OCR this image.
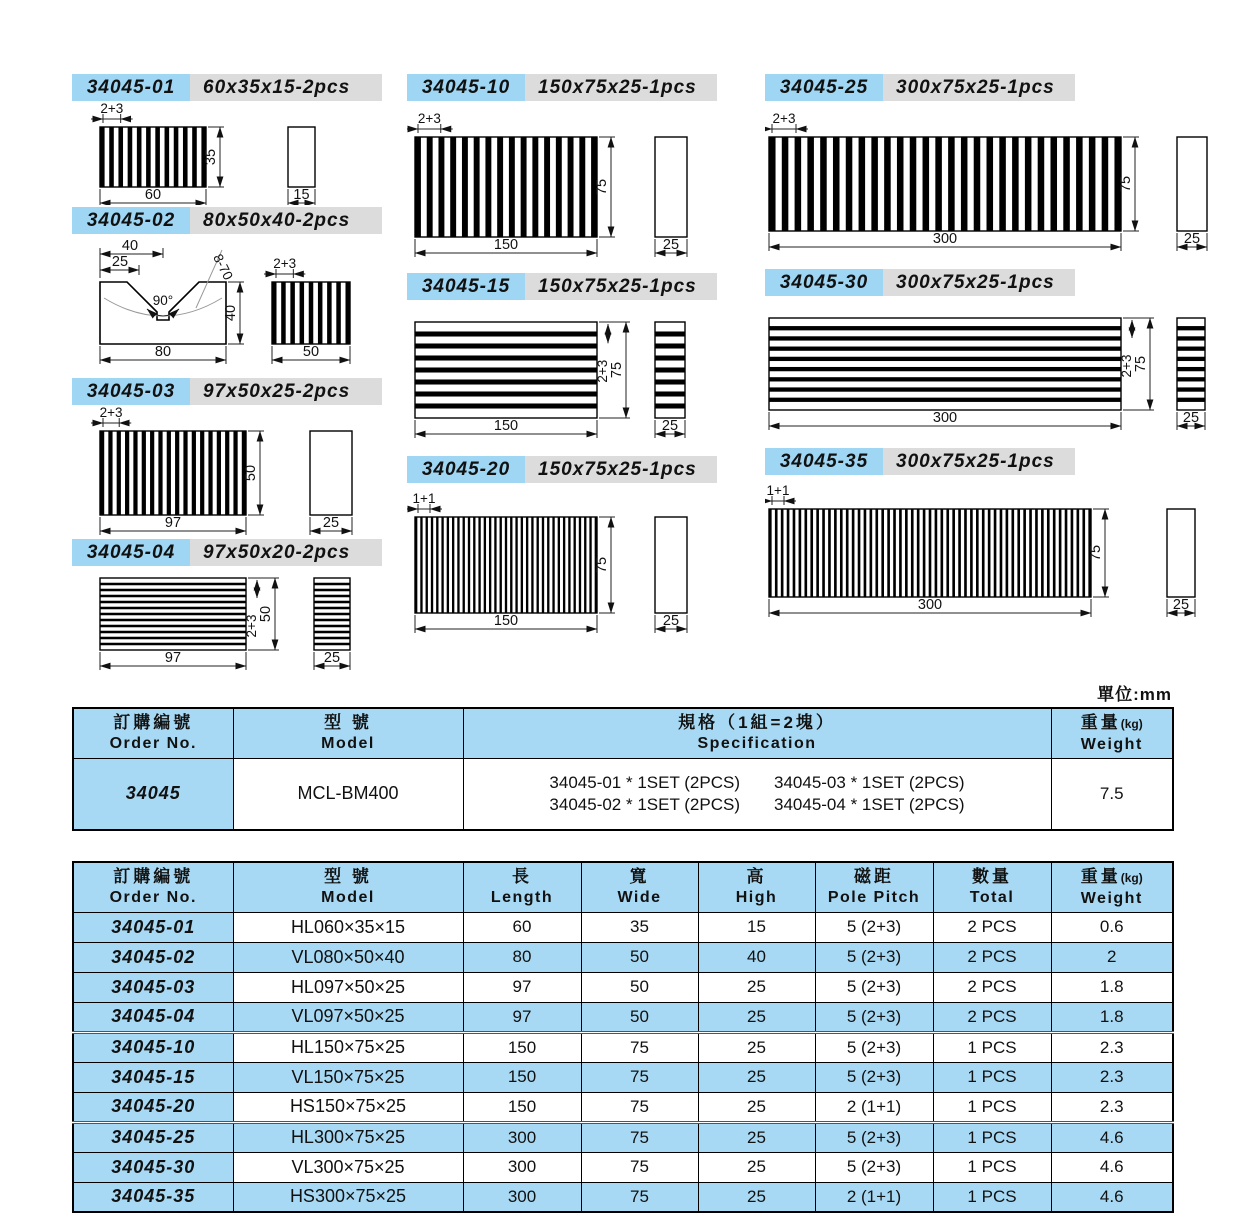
34045-01	60x35x15-2pcs
2+3
35
60	15
34045-02	80x50x40-2pcs
90°
8-70
40
25
40
80
2+3
50
34045-03	97x50x25-2pcs
2+3
50
97	25
34045-04	97x50x20-2pcs
2+3
50
97	25
34045-10	150x75x25-1pcs
2+3
75
150	25
34045-15	150x75x25-1pcs
2+3 75
150	25
34045-20	150x75x25-1pcs
1+1
75
150	25
34045-25	300x75x25-1pcs
2+3
75
300	25
34045-30	300x75x25-1pcs
2+3 75
300	25
34045-35	300x75x25-1pcs
1+1
75
300	25
單位:mm
訂購編號
Order No.	型 號
Model	規格（1組=2塊）
Specification	重量(kg)
Weight

34045	MCL-BM400	34045-01 * 1SET (2PCS) 34045-03 * 1SET (2PCS)
34045-02 * 1SET (2PCS) 34045-04 * 1SET (2PCS)	7.5
訂購編號
Order No.	型 號
Model	長
Length	寬
Wide	高
High	磁距
Pole Pitch	數量
Total	重量(kg)
Weight

34045-01	HL060×35×15	60	35	15	5 (2+3)	2 PCS	0.6
34045-02	VL080×50×40	80	50	40	5 (2+3)	2 PCS	2
34045-03	HL097×50×25	97	50	25	5 (2+3)	2 PCS	1.8
34045-04	VL097×50×25	97	50	25	5 (2+3)	2 PCS	1.8
34045-10	HL150×75×25	150	75	25	5 (2+3)	1 PCS	2.3
34045-15	VL150×75×25	150	75	25	5 (2+3)	1 PCS	2.3
34045-20	HS150×75×25	150	75	25	2 (1+1)	1 PCS	2.3
34045-25	HL300×75×25	300	75	25	5 (2+3)	1 PCS	4.6
34045-30	VL300×75×25	300	75	25	5 (2+3)	1 PCS	4.6
34045-35	HS300×75×25	300	75	25	2 (1+1)	1 PCS	4.6
